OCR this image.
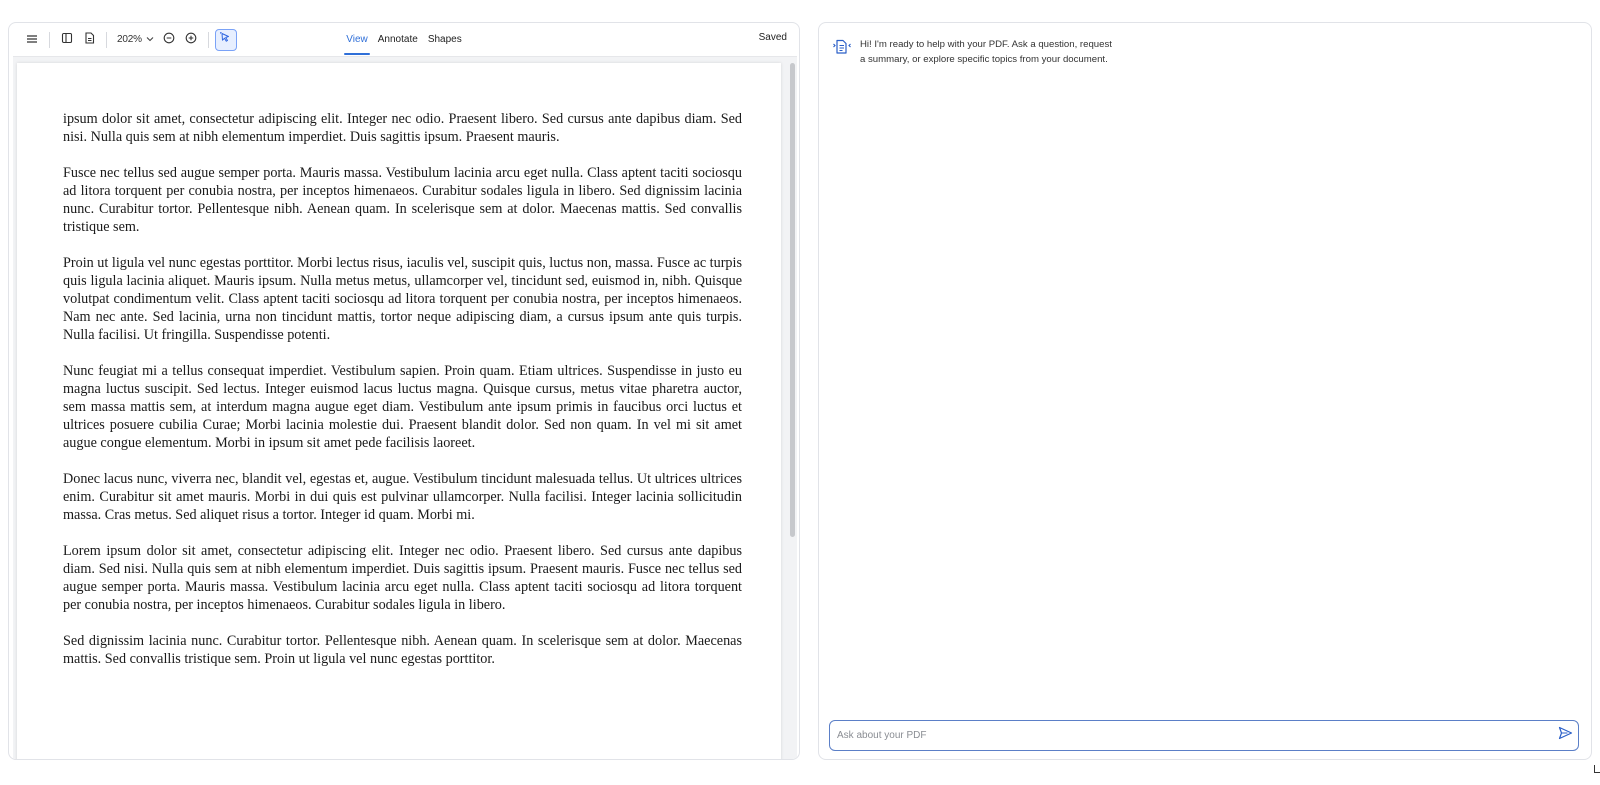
202%	View	Annotate	Shapes	Saved

ipsum dolor sit amet, consectetur adipiscing elit. Integer nec odio. Praesent libero. Sed cursus ante dapibus diam. Sed nisi. Nulla quis sem at nibh elementum imperdiet. Duis sagittis ipsum. Praesent mauris.

Fusce nec tellus sed augue semper porta. Mauris massa. Vestibulum lacinia arcu eget nulla. Class aptent taciti sociosqu ad litora torquent per conubia nostra, per inceptos himenaeos. Curabitur sodales ligula in libero. Sed dignissim lacinia nunc. Curabitur tortor. Pellentesque nibh. Aenean quam. In scelerisque sem at dolor. Maecenas mattis. Sed convallis tristique sem.

Proin ut ligula vel nunc egestas porttitor. Morbi lectus risus, iaculis vel, suscipit quis, luctus non, massa. Fusce ac turpis quis ligula lacinia aliquet. Mauris ipsum. Nulla metus metus, ullamcorper vel, tincidunt sed, euismod in, nibh. Quisque volutpat condimentum velit. Class aptent taciti sociosqu ad litora torquent per conubia nostra, per inceptos himenaeos. Nam nec ante. Sed lacinia, urna non tincidunt mattis, tortor neque adipiscing diam, a cursus ipsum ante quis turpis. Nulla facilisi. Ut fringilla. Suspendisse potenti.

Nunc feugiat mi a tellus consequat imperdiet. Vestibulum sapien. Proin quam. Etiam ultrices. Suspendisse in justo eu magna luctus suscipit. Sed lectus. Integer euismod lacus luctus magna. Quisque cursus, metus vitae pharetra auctor, sem massa mattis sem, at interdum magna augue eget diam. Vestibulum ante ipsum primis in faucibus orci luctus et ultrices posuere cubilia Curae; Morbi lacinia molestie dui. Praesent blandit dolor. Sed non quam. In vel mi sit amet augue congue elementum. Morbi in ipsum sit amet pede facilisis laoreet.

Donec lacus nunc, viverra nec, blandit vel, egestas et, augue. Vestibulum tincidunt malesuada tellus. Ut ultrices ultrices enim. Curabitur sit amet mauris. Morbi in dui quis est pulvinar ullamcorper. Nulla facilisi. Integer lacinia sollicitudin massa. Cras metus. Sed aliquet risus a tortor. Integer id quam. Morbi mi.

Lorem ipsum dolor sit amet, consectetur adipiscing elit. Integer nec odio. Praesent libero. Sed cursus ante dapibus diam. Sed nisi. Nulla quis sem at nibh elementum imperdiet. Duis sagittis ipsum. Praesent mauris. Fusce nec tellus sed augue semper porta. Mauris massa. Vestibulum lacinia arcu eget nulla. Class aptent taciti sociosqu ad litora torquent per conubia nostra, per inceptos himenaeos. Curabitur sodales ligula in libero.

Sed dignissim lacinia nunc. Curabitur tortor. Pellentesque nibh. Aenean quam. In scelerisque sem at dolor. Maecenas mattis. Sed convallis tristique sem. Proin ut ligula vel nunc egestas porttitor.

Hi! I'm ready to help with your PDF. Ask a question, request a summary, or explore specific topics from your document.
Ask about your PDF
